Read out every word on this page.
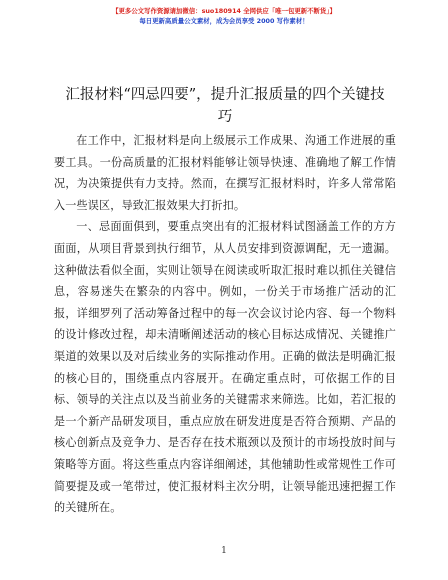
【更多公文写作资源请加微信：suo180914 全网供应「唯一包更新不断货」】
每日更新高质量公文素材，成为会员享受 2000 写作素材！
汇报材料“四忌四要”，提升汇报质量的四个关键技巧

在工作中，汇报材料是向上级展示工作成果、沟通工作进展的重要工具。一份高质量的汇报材料能够让领导快速、准确地了解工作情况，为决策提供有力支持。然而，在撰写汇报材料时，许多人常常陷入一些误区，导致汇报效果大打折扣。

一、忌面面俱到，要重点突出有的汇报材料试图涵盖工作的方方面面，从项目背景到执行细节，从人员安排到资源调配，无一遗漏。这种做法看似全面，实则让领导在阅读或听取汇报时难以抓住关键信息，容易迷失在繁杂的内容中。例如，一份关于市场推广活动的汇报，详细罗列了活动筹备过程中的每一次会议讨论内容、每一个物料的设计修改过程，却未清晰阐述活动的核心目标达成情况、关键推广渠道的效果以及对后续业务的实际推动作用。正确的做法是明确汇报的核心目的，围绕重点内容展开。在确定重点时，可依据工作的目标、领导的关注点以及当前业务的关键需求来筛选。比如，若汇报的是一个新产品研发项目，重点应放在研发进度是否符合预期、产品的核心创新点及竞争力、是否存在技术瓶颈以及预计的市场投放时间与策略等方面。将这些重点内容详细阐述，其他辅助性或常规性工作可简要提及或一笔带过，使汇报材料主次分明，让领导能迅速把握工作的关键所在。

1
